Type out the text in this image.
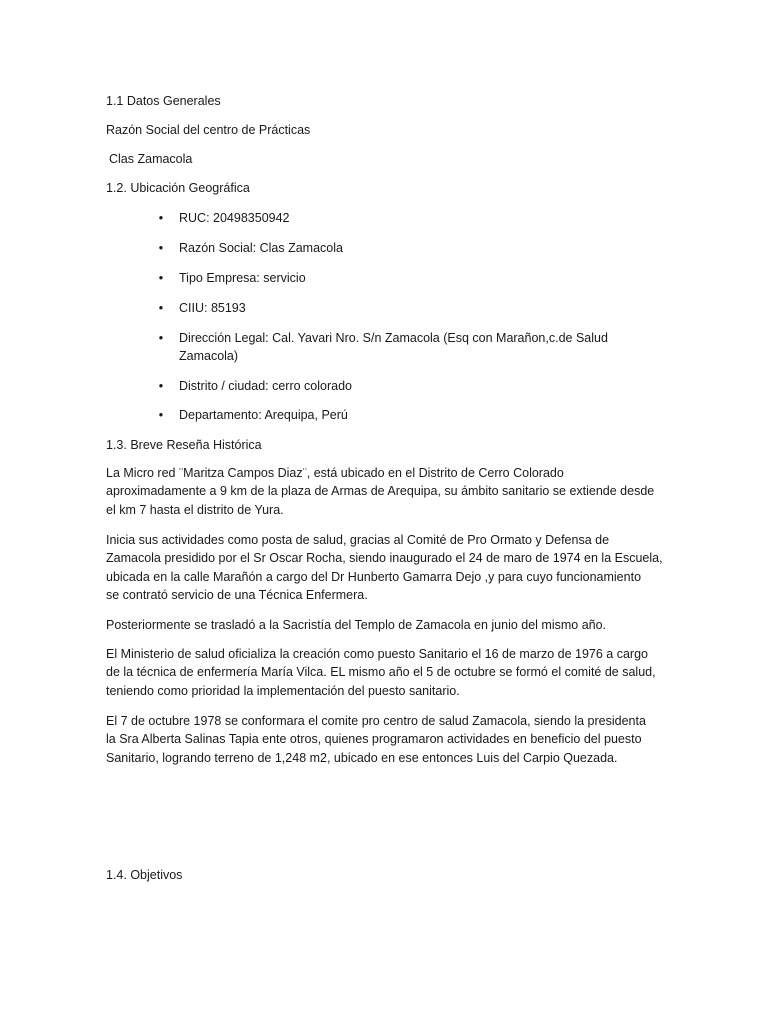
1.1 Datos Generales
Razón Social del centro de Prácticas
Clas Zamacola
1.2. Ubicación Geográfica
• RUC: 20498350942
• Razón Social: Clas Zamacola
• Tipo Empresa: servicio
• CIIU: 85193
• Dirección Legal: Cal. Yavari Nro. S/n Zamacola (Esq con Marañon,c.de Salud
Zamacola)
• Distrito / ciudad: cerro colorado
• Departamento: Arequipa, Perú
1.3. Breve Reseña Histórica
La Micro red ¨Maritza Campos Diaz¨, está ubicado en el Distrito de Cerro Colorado
aproximadamente a 9 km de la plaza de Armas de Arequipa, su ámbito sanitario se extiende desde
el km 7 hasta el distrito de Yura.
Inicia sus actividades como posta de salud, gracias al Comité de Pro Ormato y Defensa de
Zamacola presidido por el Sr Oscar Rocha, siendo inaugurado el 24 de maro de 1974 en la Escuela,
ubicada en la calle Marañón a cargo del Dr Hunberto Gamarra Dejo ,y para cuyo funcionamiento
se contrató servicio de una Técnica Enfermera.
Posteriormente se trasladó a la Sacristía del Templo de Zamacola en junio del mismo año.
El Ministerio de salud oficializa la creación como puesto Sanitario el 16 de marzo de 1976 a cargo
de la técnica de enfermería María Vilca. EL mismo año el 5 de octubre se formó el comité de salud,
teniendo como prioridad la implementación del puesto sanitario.
El 7 de octubre 1978 se conformara el comite pro centro de salud Zamacola, siendo la presidenta
la Sra Alberta Salinas Tapia ente otros, quienes programaron actividades en beneficio del puesto
Sanitario, logrando terreno de 1,248 m2, ubicado en ese entonces Luis del Carpio Quezada.
1.4. Objetivos
